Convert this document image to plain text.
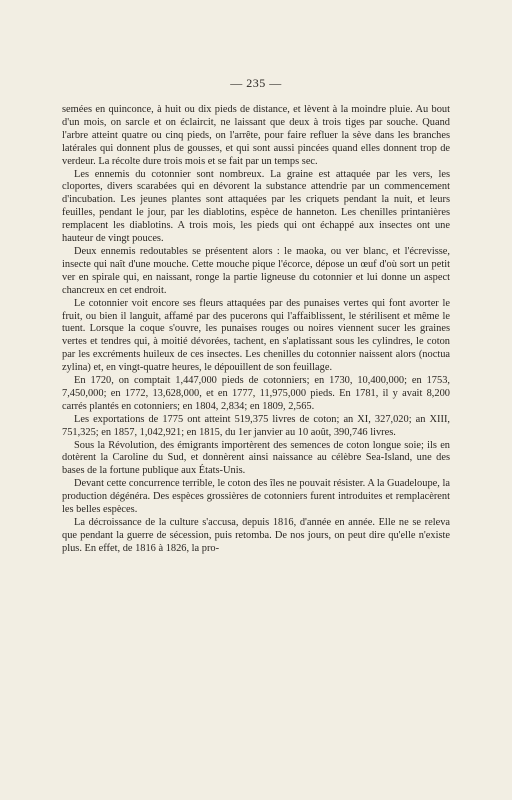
— 235 —

semées en quinconce, à huit ou dix pieds de distance, et lèvent à la moindre pluie. Au bout d'un mois, on sarcle et on éclaircit, ne laissant que deux à trois tiges par souche. Quand l'arbre atteint quatre ou cinq pieds, on l'arrête, pour faire refluer la sève dans les branches latérales qui donnent plus de gousses, et qui sont aussi pincées quand elles donnent trop de verdeur. La récolte dure trois mois et se fait par un temps sec.

Les ennemis du cotonnier sont nombreux. La graine est attaquée par les vers, les cloportes, divers scarabées qui en dévorent la substance attendrie par un commencement d'incubation. Les jeunes plantes sont attaquées par les criquets pendant la nuit, et leurs feuilles, pendant le jour, par les diablotins, espèce de hanneton. Les chenilles printanières remplacent les diablotins. A trois mois, les pieds qui ont échappé aux insectes ont une hauteur de vingt pouces.

Deux ennemis redoutables se présentent alors : le maoka, ou ver blanc, et l'écrevisse, insecte qui naît d'une mouche. Cette mouche pique l'écorce, dépose un œuf d'où sort un petit ver en spirale qui, en naissant, ronge la partie ligneuse du cotonnier et lui donne un aspect chancreux en cet endroit.

Le cotonnier voit encore ses fleurs attaquées par des punaises vertes qui font avorter le fruit, ou bien il languit, affamé par des pucerons qui l'affaiblissent, le stérilisent et même le tuent. Lorsque la coque s'ouvre, les punaises rouges ou noires viennent sucer les graines vertes et tendres qui, à moitié dévorées, tachent, en s'aplatissant sous les cylindres, le coton par les excréments huileux de ces insectes. Les chenilles du cotonnier naissent alors (noctua zylina) et, en vingt-quatre heures, le dépouillent de son feuillage.

En 1720, on comptait 1,447,000 pieds de cotonniers; en 1730, 10,400,000; en 1753, 7,450,000; en 1772, 13,628,000, et en 1777, 11,975,000 pieds. En 1781, il y avait 8,200 carrés plantés en cotonniers; en 1804, 2,834; en 1809, 2,565.

Les exportations de 1775 ont atteint 519,375 livres de coton; an XI, 327,020; an XIII, 751,325; en 1857, 1,042,921; en 1815, du 1er janvier au 10 août, 390,746 livres.

Sous la Révolution, des émigrants importèrent des semences de coton longue soie; ils en dotèrent la Caroline du Sud, et donnèrent ainsi naissance au célèbre Sea-Island, une des bases de la fortune publique aux États-Unis.

Devant cette concurrence terrible, le coton des îles ne pouvait résister. A la Guadeloupe, la production dégénéra. Des espèces grossières de cotonniers furent introduites et remplacèrent les belles espèces.

La décroissance de la culture s'accusa, depuis 1816, d'année en année. Elle ne se releva que pendant la guerre de sécession, puis retomba. De nos jours, on peut dire qu'elle n'existe plus. En effet, de 1816 à 1826, la pro-
